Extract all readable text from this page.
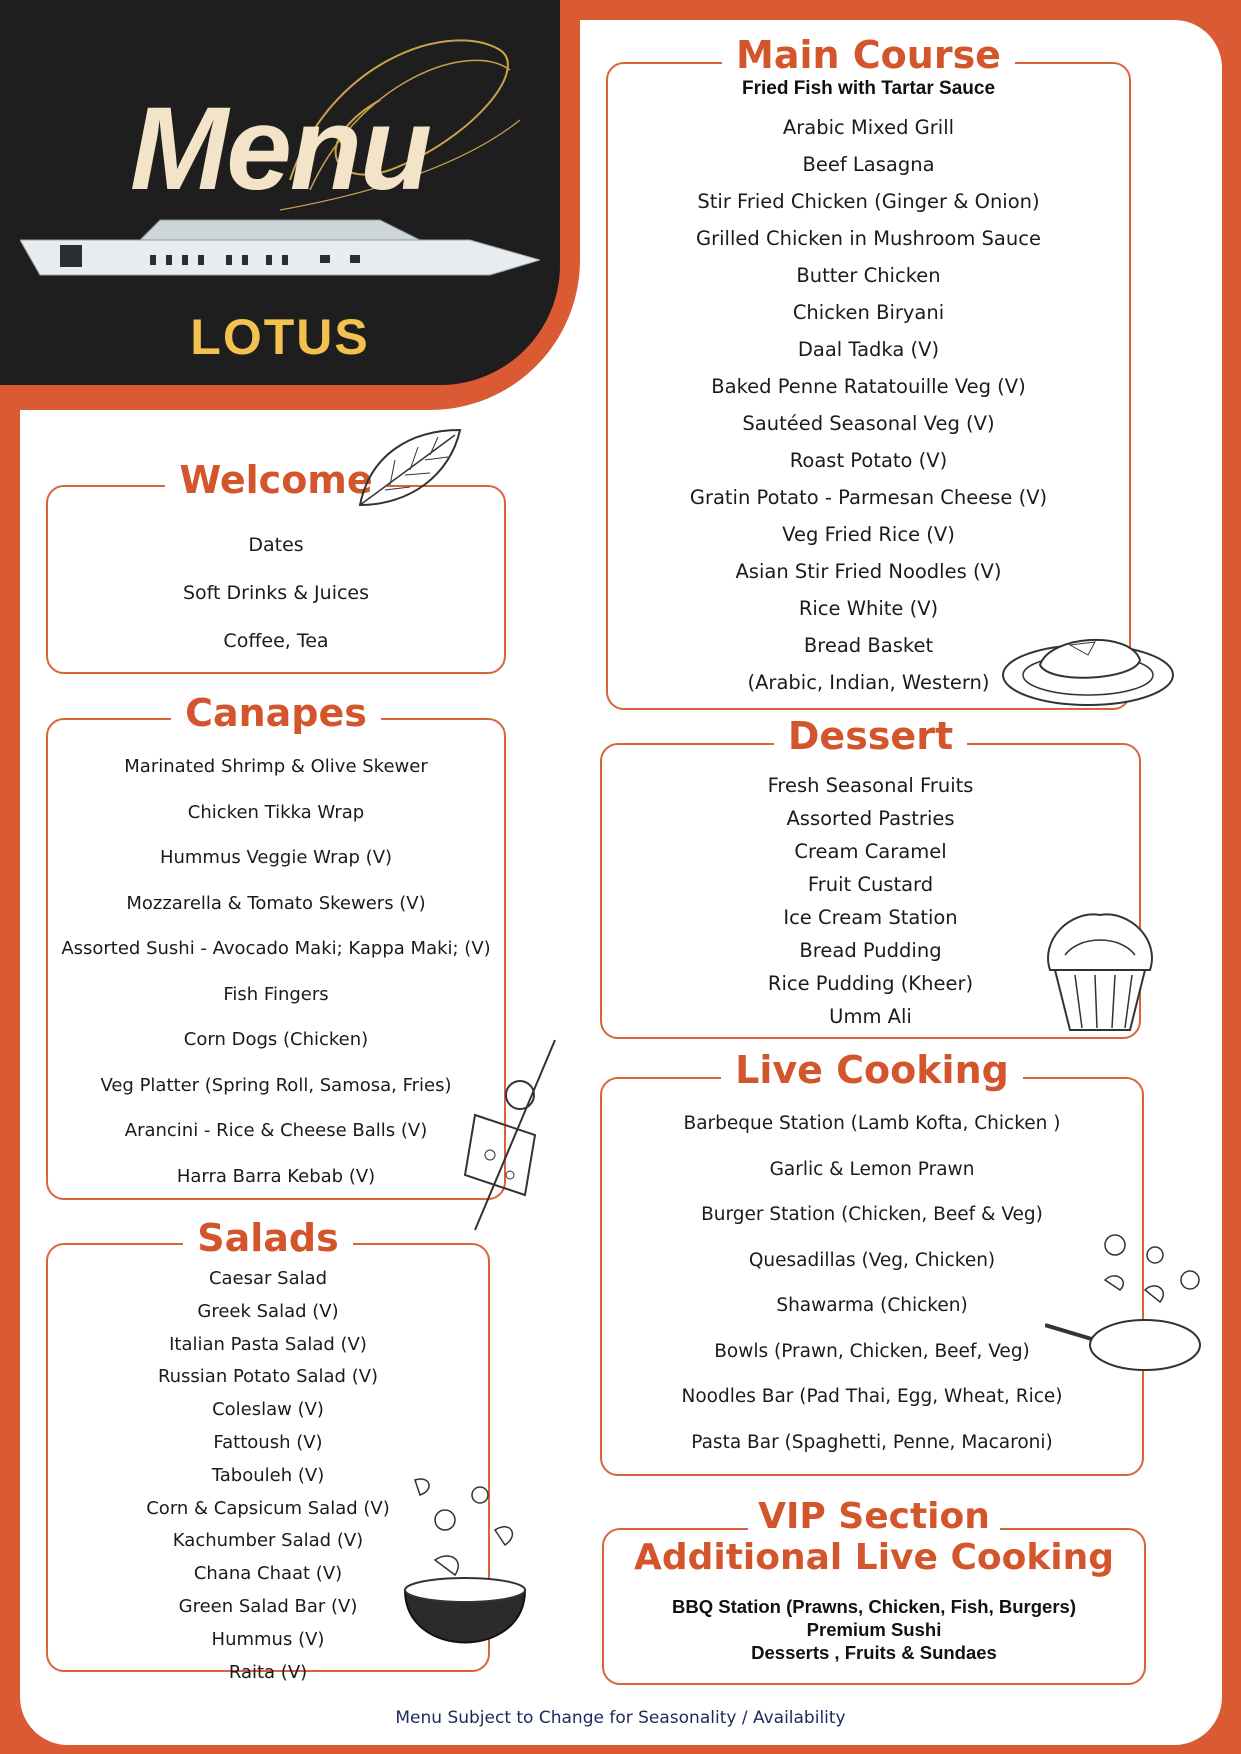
Menu
LOTUS
Welcome
Dates
Soft Drinks & Juices
Coffee, Tea
Canapes
Marinated Shrimp & Olive Skewer
Chicken Tikka Wrap
Hummus Veggie Wrap (V)
Mozzarella & Tomato Skewers (V)
Assorted Sushi - Avocado Maki; Kappa Maki; (V)
Fish Fingers
Corn Dogs (Chicken)
Veg Platter (Spring Roll, Samosa, Fries)
Arancini - Rice & Cheese Balls (V)
Harra Barra Kebab (V)
Salads
Caesar Salad
Greek Salad (V)
Italian Pasta Salad (V)
Russian Potato Salad (V)
Coleslaw (V)
Fattoush (V)
Tabouleh (V)
Corn & Capsicum Salad (V)
Kachumber Salad (V)
Chana Chaat (V)
Green Salad Bar (V)
Hummus (V)
Raita (V)
Main Course
Fried Fish with Tartar Sauce
Arabic Mixed Grill
Beef Lasagna
Stir Fried Chicken (Ginger & Onion)
Grilled Chicken in Mushroom Sauce
Butter Chicken
Chicken Biryani
Daal Tadka (V)
Baked Penne Ratatouille Veg (V)
Sautéed Seasonal Veg (V)
Roast Potato (V)
Gratin Potato - Parmesan Cheese (V)
Veg Fried Rice (V)
Asian Stir Fried Noodles (V)
Rice White (V)
Bread Basket
(Arabic, Indian, Western)
Dessert
Fresh Seasonal Fruits
Assorted Pastries
Cream Caramel
Fruit Custard
Ice Cream Station
Bread Pudding
Rice Pudding (Kheer)
Umm Ali
Live Cooking
Barbeque Station (Lamb Kofta, Chicken )
Garlic & Lemon Prawn
Burger Station (Chicken, Beef & Veg)
Quesadillas (Veg, Chicken)
Shawarma (Chicken)
Bowls (Prawn, Chicken, Beef, Veg)
Noodles Bar (Pad Thai, Egg, Wheat, Rice)
Pasta Bar (Spaghetti, Penne, Macaroni)
VIP Section
Additional Live Cooking
BBQ Station (Prawns, Chicken, Fish, Burgers)
Premium Sushi
Desserts , Fruits & Sundaes
Menu Subject to Change for Seasonality / Availability
